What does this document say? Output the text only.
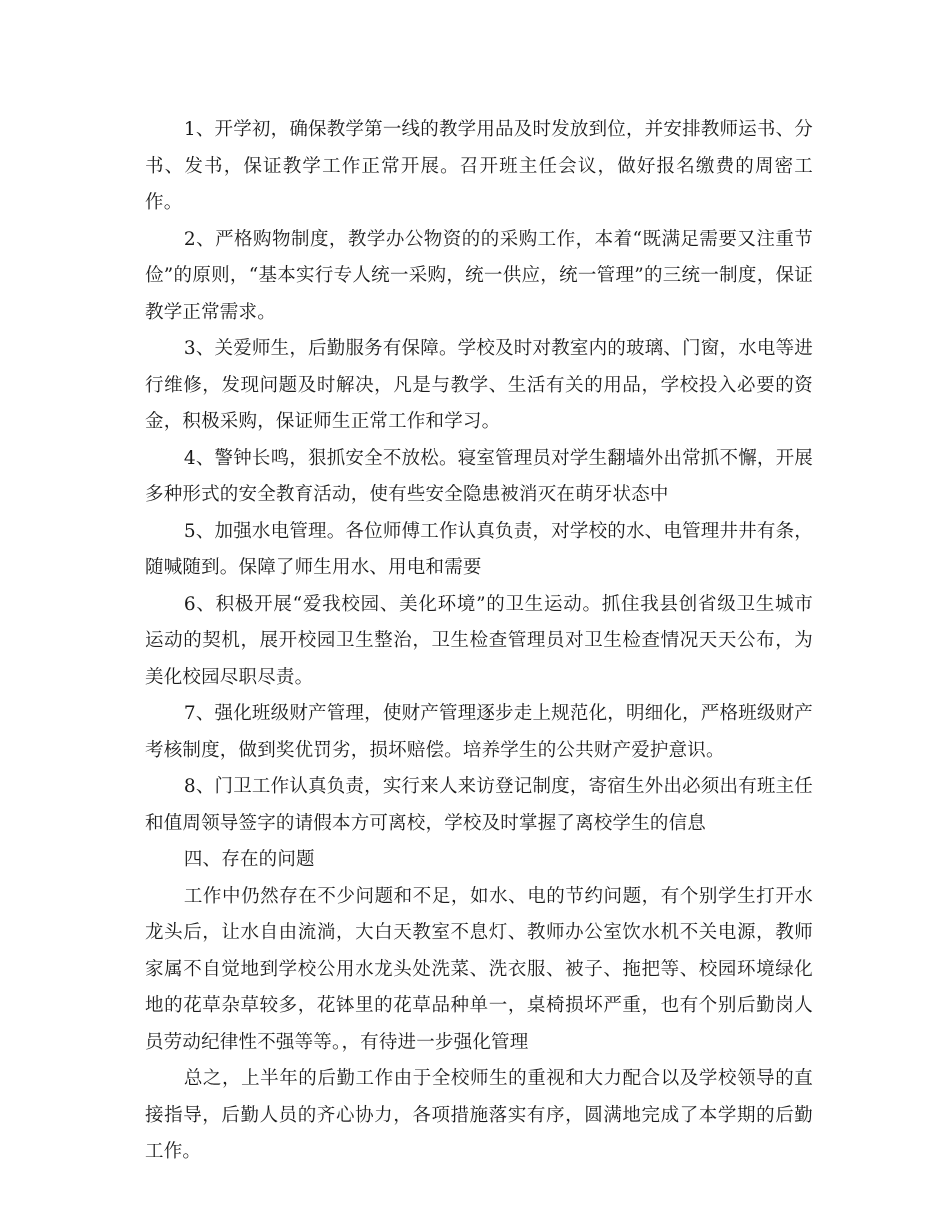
1、开学初，确保教学第一线的教学用品及时发放到位，并安排教师运书、分书、发书，保证教学工作正常开展。召开班主任会议，做好报名缴费的周密工作。

2、严格购物制度，教学办公物资的的采购工作，本着“既满足需要又注重节俭”的原则，“基本实行专人统一采购，统一供应，统一管理”的三统一制度，保证教学正常需求。

3、关爱师生，后勤服务有保障。学校及时对教室内的玻璃、门窗，水电等进行维修，发现问题及时解决，凡是与教学、生活有关的用品，学校投入必要的资金，积极采购，保证师生正常工作和学习。

4、警钟长鸣，狠抓安全不放松。寝室管理员对学生翻墙外出常抓不懈，开展多种形式的安全教育活动，使有些安全隐患被消灭在萌牙状态中

5、加强水电管理。各位师傅工作认真负责，对学校的水、电管理井井有条，随喊随到。保障了师生用水、用电和需要

6、积极开展“爱我校园、美化环境”的卫生运动。抓住我县创省级卫生城市运动的契机，展开校园卫生整治，卫生检查管理员对卫生检查情况天天公布，为美化校园尽职尽责。

7、强化班级财产管理，使财产管理逐步走上规范化，明细化，严格班级财产考核制度，做到奖优罚劣，损坏赔偿。培养学生的公共财产爱护意识。

8、门卫工作认真负责，实行来人来访登记制度，寄宿生外出必须出有班主任和值周领导签字的请假本方可离校，学校及时掌握了离校学生的信息

四、存在的问题

工作中仍然存在不少问题和不足，如水、电的节约问题，有个别学生打开水龙头后，让水自由流淌，大白天教室不息灯、教师办公室饮水机不关电源，教师家属不自觉地到学校公用水龙头处洗菜、洗衣服、被子、拖把等、校园环境绿化地的花草杂草较多，花钵里的花草品种单一，桌椅损坏严重，也有个别后勤岗人员劳动纪律性不强等等。，有待进一步强化管理

总之，上半年的后勤工作由于全校师生的重视和大力配合以及学校领导的直接指导，后勤人员的齐心协力，各项措施落实有序，圆满地完成了本学期的后勤工作。
